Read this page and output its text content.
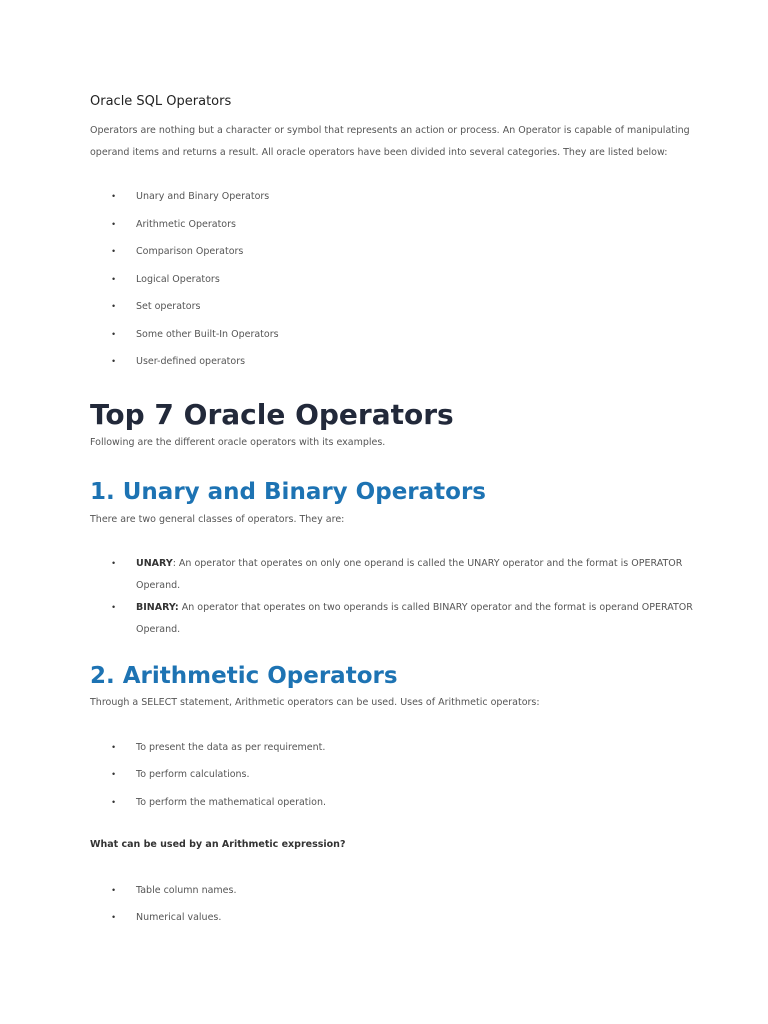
Oracle SQL Operators
Operators are nothing but a character or symbol that represents an action or process. An Operator is capable of manipulating
operand items and returns a result. All oracle operators have been divided into several categories. They are listed below:
• Unary and Binary Operators
• Arithmetic Operators
• Comparison Operators
• Logical Operators
• Set operators
• Some other Built-In Operators
• User-defined operators
Top 7 Oracle Operators
Following are the different oracle operators with its examples.
1. Unary and Binary Operators
There are two general classes of operators. They are:
• UNARY: An operator that operates on only one operand is called the UNARY operator and the format is OPERATOR
Operand.
• BINARY: An operator that operates on two operands is called BINARY operator and the format is operand OPERATOR
Operand.
2. Arithmetic Operators
Through a SELECT statement, Arithmetic operators can be used. Uses of Arithmetic operators:
• To present the data as per requirement.
• To perform calculations.
• To perform the mathematical operation.
What can be used by an Arithmetic expression?
• Table column names.
• Numerical values.
